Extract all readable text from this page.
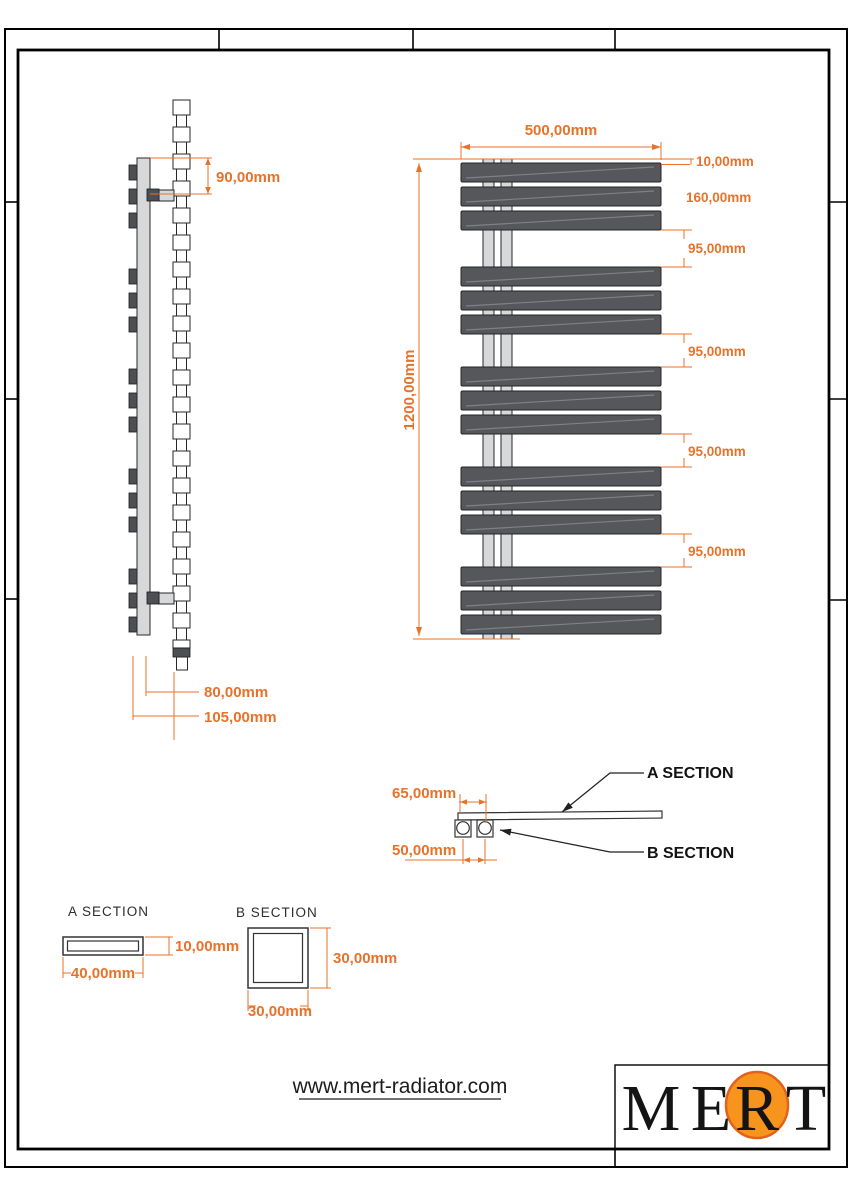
90,00mm
80,00mm
105,00mm
500,00mm
1200,00mm
10,00mm
160,00mm
95,00mm
95,00mm
95,00mm
95,00mm
65,00mm
50,00mm
A SECTION
B SECTION
A SECTION
10,00mm
40,00mm
B SECTION
30,00mm
30,00mm
www.mert-radiator.com M E R T
